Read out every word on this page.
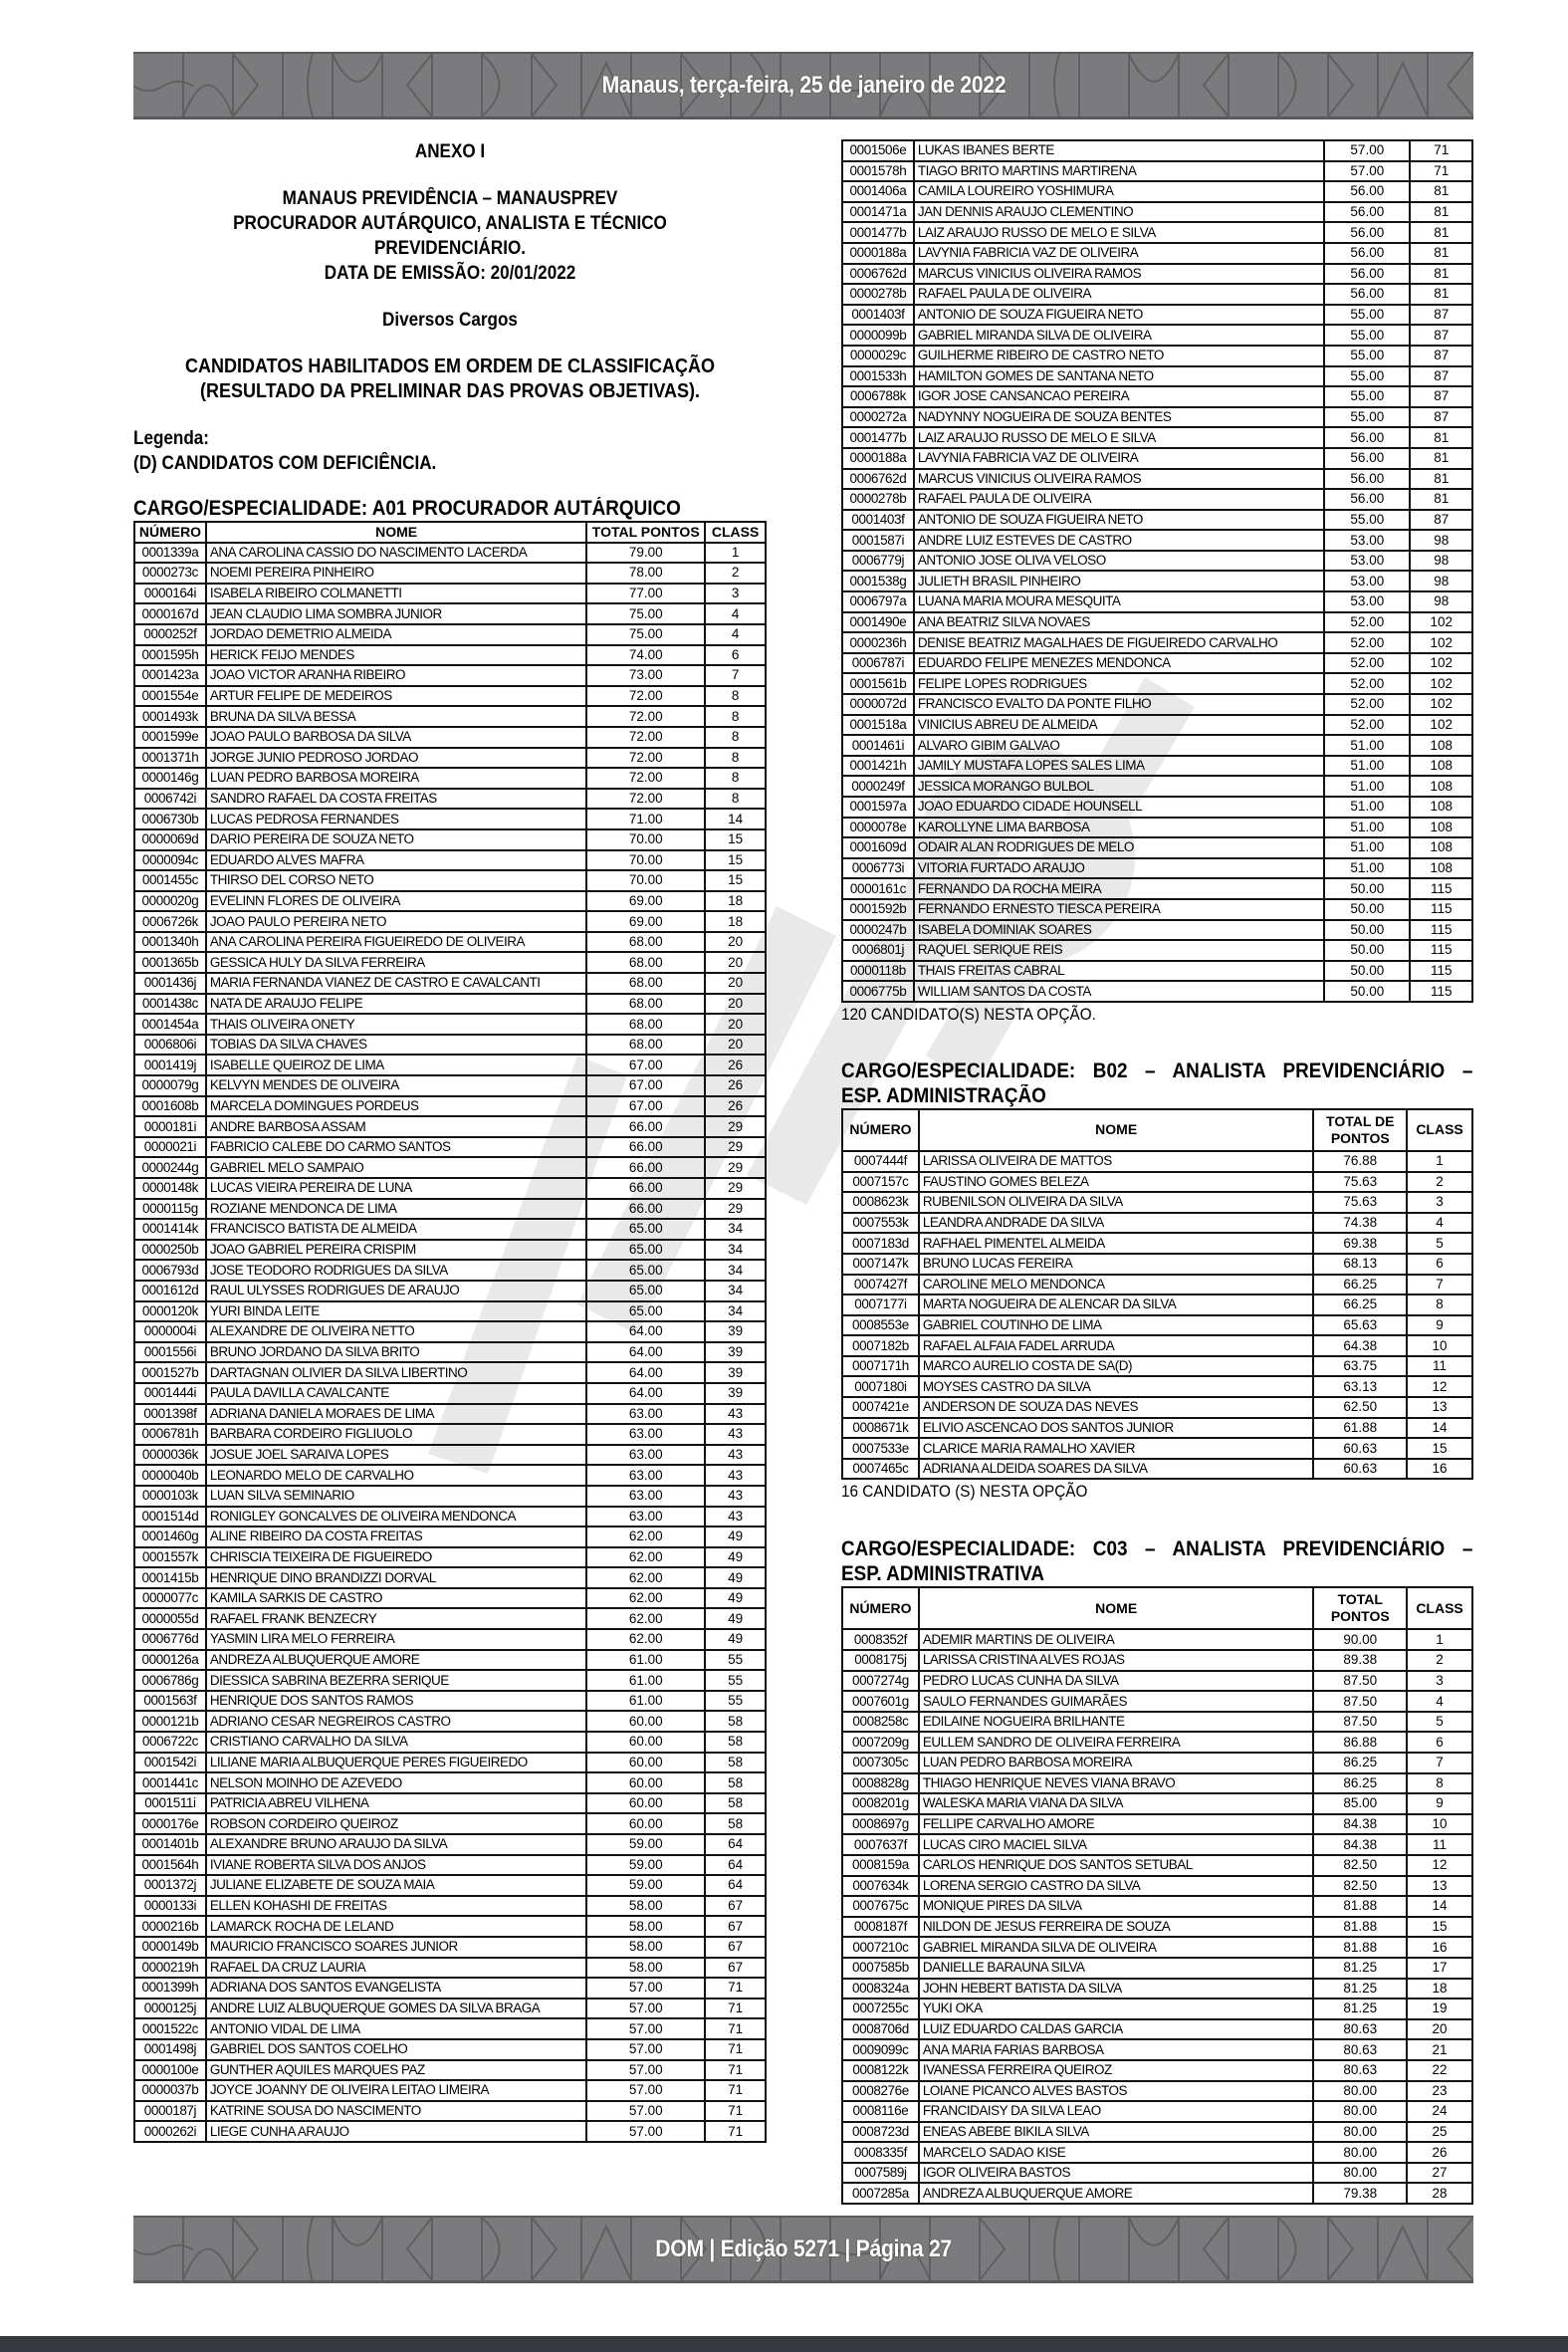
Manaus, terça-feira, 25 de janeiro de 2022
ANEXO I
MANAUS PREVIDÊNCIA – MANAUSPREV
PROCURADOR AUTÁRQUICO, ANALISTA E TÉCNICO
PREVIDENCIÁRIO.
DATA DE EMISSÃO: 20/01/2022
Diversos Cargos
CANDIDATOS HABILITADOS EM ORDEM DE CLASSIFICAÇÃO
(RESULTADO DA PRELIMINAR DAS PROVAS OBJETIVAS).
Legenda:
(D) CANDIDATOS COM DEFICIÊNCIA.
CARGO/ESPECIALIDADE: A01 PROCURADOR AUTÁRQUICO
NÚMERO	NOME	TOTAL PONTOS	CLASS
0001339a	ANA CAROLINA CASSIO DO NASCIMENTO LACERDA	79.00	1
0000273c	NOEMI PEREIRA PINHEIRO	78.00	2
0000164i	ISABELA RIBEIRO COLMANETTI	77.00	3
0000167d	JEAN CLAUDIO LIMA SOMBRA JUNIOR	75.00	4
0000252f	JORDAO DEMETRIO ALMEIDA	75.00	4
0001595h	HERICK FEIJO MENDES	74.00	6
0001423a	JOAO VICTOR ARANHA RIBEIRO	73.00	7
0001554e	ARTUR FELIPE DE MEDEIROS	72.00	8
0001493k	BRUNA DA SILVA BESSA	72.00	8
0001599e	JOAO PAULO BARBOSA DA SILVA	72.00	8
0001371h	JORGE JUNIO PEDROSO JORDAO	72.00	8
0000146g	LUAN PEDRO BARBOSA MOREIRA	72.00	8
0006742i	SANDRO RAFAEL DA COSTA FREITAS	72.00	8
0006730b	LUCAS PEDROSA FERNANDES	71.00	14
0000069d	DARIO PEREIRA DE SOUZA NETO	70.00	15
0000094c	EDUARDO ALVES MAFRA	70.00	15
0001455c	THIRSO DEL CORSO NETO	70.00	15
0000020g	EVELINN FLORES DE OLIVEIRA	69.00	18
0006726k	JOAO PAULO PEREIRA NETO	69.00	18
0001340h	ANA CAROLINA PEREIRA FIGUEIREDO DE OLIVEIRA	68.00	20
0001365b	GESSICA HULY DA SILVA FERREIRA	68.00	20
0001436j	MARIA FERNANDA VIANEZ DE CASTRO E CAVALCANTI	68.00	20
0001438c	NATA DE ARAUJO FELIPE	68.00	20
0001454a	THAIS OLIVEIRA ONETY	68.00	20
0006806i	TOBIAS DA SILVA CHAVES	68.00	20
0001419j	ISABELLE QUEIROZ DE LIMA	67.00	26
0000079g	KELVYN MENDES DE OLIVEIRA	67.00	26
0001608b	MARCELA DOMINGUES PORDEUS	67.00	26
0000181i	ANDRE BARBOSA ASSAM	66.00	29
0000021i	FABRICIO CALEBE DO CARMO SANTOS	66.00	29
0000244g	GABRIEL MELO SAMPAIO	66.00	29
0000148k	LUCAS VIEIRA PEREIRA DE LUNA	66.00	29
0000115g	ROZIANE MENDONCA DE LIMA	66.00	29
0001414k	FRANCISCO BATISTA DE ALMEIDA	65.00	34
0000250b	JOAO GABRIEL PEREIRA CRISPIM	65.00	34
0006793d	JOSE TEODORO RODRIGUES DA SILVA	65.00	34
0001612d	RAUL ULYSSES RODRIGUES DE ARAUJO	65.00	34
0000120k	YURI BINDA LEITE	65.00	34
0000004i	ALEXANDRE DE OLIVEIRA NETTO	64.00	39
0001556i	BRUNO JORDANO DA SILVA BRITO	64.00	39
0001527b	DARTAGNAN OLIVIER DA SILVA LIBERTINO	64.00	39
0001444i	PAULA DAVILLA CAVALCANTE	64.00	39
0001398f	ADRIANA DANIELA MORAES DE LIMA	63.00	43
0006781h	BARBARA CORDEIRO FIGLIUOLO	63.00	43
0000036k	JOSUE JOEL SARAIVA LOPES	63.00	43
0000040b	LEONARDO MELO DE CARVALHO	63.00	43
0000103k	LUAN SILVA SEMINARIO	63.00	43
0001514d	RONIGLEY GONCALVES DE OLIVEIRA MENDONCA	63.00	43
0001460g	ALINE RIBEIRO DA COSTA FREITAS	62.00	49
0001557k	CHRISCIA TEIXEIRA DE FIGUEIREDO	62.00	49
0001415b	HENRIQUE DINO BRANDIZZI DORVAL	62.00	49
0000077c	KAMILA SARKIS DE CASTRO	62.00	49
0000055d	RAFAEL FRANK BENZECRY	62.00	49
0006776d	YASMIN LIRA MELO FERREIRA	62.00	49
0000126a	ANDREZA ALBUQUERQUE AMORE	61.00	55
0006786g	DIESSICA SABRINA BEZERRA SERIQUE	61.00	55
0001563f	HENRIQUE DOS SANTOS RAMOS	61.00	55
0000121b	ADRIANO CESAR NEGREIROS CASTRO	60.00	58
0006722c	CRISTIANO CARVALHO DA SILVA	60.00	58
0001542i	LILIANE MARIA ALBUQUERQUE PERES FIGUEIREDO	60.00	58
0001441c	NELSON MOINHO DE AZEVEDO	60.00	58
0001511i	PATRICIA ABREU VILHENA	60.00	58
0000176e	ROBSON CORDEIRO QUEIROZ	60.00	58
0001401b	ALEXANDRE BRUNO ARAUJO DA SILVA	59.00	64
0001564h	IVIANE ROBERTA SILVA DOS ANJOS	59.00	64
0001372j	JULIANE ELIZABETE DE SOUZA MAIA	59.00	64
0000133i	ELLEN KOHASHI DE FREITAS	58.00	67
0000216b	LAMARCK ROCHA DE LELAND	58.00	67
0000149b	MAURICIO FRANCISCO SOARES JUNIOR	58.00	67
0000219h	RAFAEL DA CRUZ LAURIA	58.00	67
0001399h	ADRIANA DOS SANTOS EVANGELISTA	57.00	71
0000125j	ANDRE LUIZ ALBUQUERQUE GOMES DA SILVA BRAGA	57.00	71
0001522c	ANTONIO VIDAL DE LIMA	57.00	71
0001498j	GABRIEL DOS SANTOS COELHO	57.00	71
0000100e	GUNTHER AQUILES MARQUES PAZ	57.00	71
0000037b	JOYCE JOANNY DE OLIVEIRA LEITAO LIMEIRA	57.00	71
0000187j	KATRINE SOUSA DO NASCIMENTO	57.00	71
0000262i	LIEGE CUNHA ARAUJO	57.00	71
0001506e	LUKAS IBANES BERTE	57.00	71
0001578h	TIAGO BRITO MARTINS MARTIRENA	57.00	71
0001406a	CAMILA LOUREIRO YOSHIMURA	56.00	81
0001471a	JAN DENNIS ARAUJO CLEMENTINO	56.00	81
0001477b	LAIZ ARAUJO RUSSO DE MELO E SILVA	56.00	81
0000188a	LAVYNIA FABRICIA VAZ DE OLIVEIRA	56.00	81
0006762d	MARCUS VINICIUS OLIVEIRA RAMOS	56.00	81
0000278b	RAFAEL PAULA DE OLIVEIRA	56.00	81
0001403f	ANTONIO DE SOUZA FIGUEIRA NETO	55.00	87
0000099b	GABRIEL MIRANDA SILVA DE OLIVEIRA	55.00	87
0000029c	GUILHERME RIBEIRO DE CASTRO NETO	55.00	87
0001533h	HAMILTON GOMES DE SANTANA NETO	55.00	87
0006788k	IGOR JOSE CANSANCAO PEREIRA	55.00	87
0000272a	NADYNNY NOGUEIRA DE SOUZA BENTES	55.00	87
0001477b	LAIZ ARAUJO RUSSO DE MELO E SILVA	56.00	81
0000188a	LAVYNIA FABRICIA VAZ DE OLIVEIRA	56.00	81
0006762d	MARCUS VINICIUS OLIVEIRA RAMOS	56.00	81
0000278b	RAFAEL PAULA DE OLIVEIRA	56.00	81
0001403f	ANTONIO DE SOUZA FIGUEIRA NETO	55.00	87
0001587i	ANDRE LUIZ ESTEVES DE CASTRO	53.00	98
0006779j	ANTONIO JOSE OLIVA VELOSO	53.00	98
0001538g	JULIETH BRASIL PINHEIRO	53.00	98
0006797a	LUANA MARIA MOURA MESQUITA	53.00	98
0001490e	ANA BEATRIZ SILVA NOVAES	52.00	102
0000236h	DENISE BEATRIZ MAGALHAES DE FIGUEIREDO CARVALHO	52.00	102
0006787i	EDUARDO FELIPE MENEZES MENDONCA	52.00	102
0001561b	FELIPE LOPES RODRIGUES	52.00	102
0000072d	FRANCISCO EVALTO DA PONTE FILHO	52.00	102
0001518a	VINICIUS ABREU DE ALMEIDA	52.00	102
0001461i	ALVARO GIBIM GALVAO	51.00	108
0001421h	JAMILY MUSTAFA LOPES SALES LIMA	51.00	108
0000249f	JESSICA MORANGO BULBOL	51.00	108
0001597a	JOAO EDUARDO CIDADE HOUNSELL	51.00	108
0000078e	KAROLLYNE LIMA BARBOSA	51.00	108
0001609d	ODAIR ALAN RODRIGUES DE MELO	51.00	108
0006773i	VITORIA FURTADO ARAUJO	51.00	108
0000161c	FERNANDO DA ROCHA MEIRA	50.00	115
0001592b	FERNANDO ERNESTO TIESCA PEREIRA	50.00	115
0000247b	ISABELA DOMINIAK SOARES	50.00	115
0006801j	RAQUEL SERIQUE REIS	50.00	115
0000118b	THAIS FREITAS CABRAL	50.00	115
0006775b	WILLIAM SANTOS DA COSTA	50.00	115
120 CANDIDATO(S) NESTA OPÇÃO.
CARGO/ESPECIALIDADE: B02 – ANALISTA PREVIDENCIÁRIO –
ESP. ADMINISTRAÇÃO
NÚMERO	NOME	TOTAL DE PONTOS	CLASS
0007444f	LARISSA OLIVEIRA DE MATTOS	76.88	1
0007157c	FAUSTINO GOMES BELEZA	75.63	2
0008623k	RUBENILSON OLIVEIRA DA SILVA	75.63	3
0007553k	LEANDRA ANDRADE DA SILVA	74.38	4
0007183d	RAFHAEL PIMENTEL ALMEIDA	69.38	5
0007147k	BRUNO LUCAS FEREIRA	68.13	6
0007427f	CAROLINE MELO MENDONCA	66.25	7
0007177i	MARTA NOGUEIRA DE ALENCAR DA SILVA	66.25	8
0008553e	GABRIEL COUTINHO DE LIMA	65.63	9
0007182b	RAFAEL ALFAIA FADEL ARRUDA	64.38	10
0007171h	MARCO AURELIO COSTA DE SA(D)	63.75	11
0007180i	MOYSES CASTRO DA SILVA	63.13	12
0007421e	ANDERSON DE SOUZA DAS NEVES	62.50	13
0008671k	ELIVIO ASCENCAO DOS SANTOS JUNIOR	61.88	14
0007533e	CLARICE MARIA RAMALHO XAVIER	60.63	15
0007465c	ADRIANA ALDEIDA SOARES DA SILVA	60.63	16
16 CANDIDATO (S) NESTA OPÇÃO
CARGO/ESPECIALIDADE: C03 – ANALISTA PREVIDENCIÁRIO –
ESP. ADMINISTRATIVA
NÚMERO	NOME	TOTAL PONTOS	CLASS
0008352f	ADEMIR MARTINS DE OLIVEIRA	90.00	1
0008175j	LARISSA CRISTINA ALVES ROJAS	89.38	2
0007274g	PEDRO LUCAS CUNHA DA SILVA	87.50	3
0007601g	SAULO FERNANDES GUIMARÃES	87.50	4
0008258c	EDILAINE NOGUEIRA BRILHANTE	87.50	5
0007209g	EULLEM SANDRO DE OLIVEIRA FERREIRA	86.88	6
0007305c	LUAN PEDRO BARBOSA MOREIRA	86.25	7
0008828g	THIAGO HENRIQUE NEVES VIANA BRAVO	86.25	8
0008201g	WALESKA MARIA VIANA DA SILVA	85.00	9
0008697g	FELLIPE CARVALHO AMORE	84.38	10
0007637f	LUCAS CIRO MACIEL SILVA	84.38	11
0008159a	CARLOS HENRIQUE DOS SANTOS SETUBAL	82.50	12
0007634k	LORENA SERGIO CASTRO DA SILVA	82.50	13
0007675c	MONIQUE PIRES DA SILVA	81.88	14
0008187f	NILDON DE JESUS FERREIRA DE SOUZA	81.88	15
0007210c	GABRIEL MIRANDA SILVA DE OLIVEIRA	81.88	16
0007585b	DANIELLE BARAUNA SILVA	81.25	17
0008324a	JOHN HEBERT BATISTA DA SILVA	81.25	18
0007255c	YUKI OKA	81.25	19
0008706d	LUIZ EDUARDO CALDAS GARCIA	80.63	20
0009099c	ANA MARIA FARIAS BARBOSA	80.63	21
0008122k	IVANESSA FERREIRA QUEIROZ	80.63	22
0008276e	LOIANE PICANCO ALVES BASTOS	80.00	23
0008116e	FRANCIDAISY DA SILVA LEAO	80.00	24
0008723d	ENEAS ABEBE BIKILA SILVA	80.00	25
0008335f	MARCELO SADAO KISE	80.00	26
0007589j	IGOR OLIVEIRA BASTOS	80.00	27
0007285a	ANDREZA ALBUQUERQUE AMORE	79.38	28
DOM | Edição 5271 | Página 27
